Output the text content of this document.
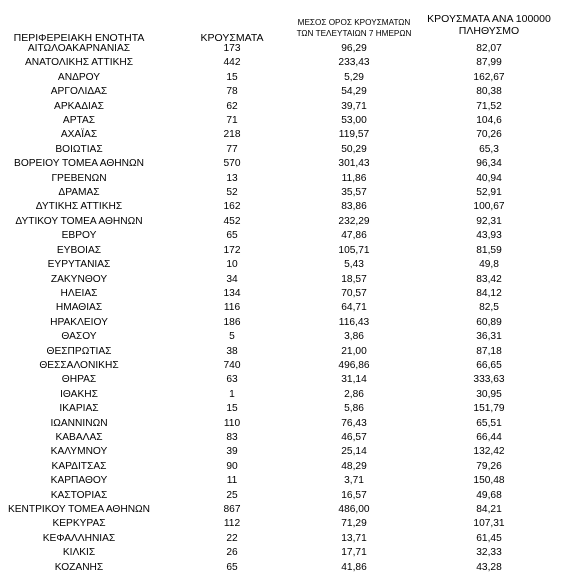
ΠΕΡΙΦΕΡΕΙΑΚΗ ΕΝΟΤΗΤΑ	ΚΡΟΥΣΜΑΤΑ
ΜΕΣΟΣ ΟΡΟΣ ΚΡΟΥΣΜΑΤΩΝ
ΤΩΝ ΤΕΛΕΥΤΑΙΩΝ 7 ΗΜΕΡΩΝ
ΚΡΟΥΣΜΑΤΑ ΑΝΑ 100000
ΠΛΗΘΥΣΜΟ
ΑΙΤΩΛΟΑΚΑΡΝΑΝΙΑΣ	173	96,29	82,07
ΑΝΑΤΟΛΙΚΗΣ ΑΤΤΙΚΗΣ	442	233,43	87,99
ΑΝΔΡΟΥ	15	5,29	162,67
ΑΡΓΟΛΙΔΑΣ	78	54,29	80,38
ΑΡΚΑΔΙΑΣ	62	39,71	71,52
ΑΡΤΑΣ	71	53,00	104,6
ΑΧΑΪΑΣ	218	119,57	70,26
ΒΟΙΩΤΙΑΣ	77	50,29	65,3
ΒΟΡΕΙΟΥ ΤΟΜΕΑ ΑΘΗΝΩΝ	570	301,43	96,34
ΓΡΕΒΕΝΩΝ	13	11,86	40,94
ΔΡΑΜΑΣ	52	35,57	52,91
ΔΥΤΙΚΗΣ ΑΤΤΙΚΗΣ	162	83,86	100,67
ΔΥΤΙΚΟΥ ΤΟΜΕΑ ΑΘΗΝΩΝ	452	232,29	92,31
ΕΒΡΟΥ	65	47,86	43,93
ΕΥΒΟΙΑΣ	172	105,71	81,59
ΕΥΡΥΤΑΝΙΑΣ	10	5,43	49,8
ΖΑΚΥΝΘΟΥ	34	18,57	83,42
ΗΛΕΙΑΣ	134	70,57	84,12
ΗΜΑΘΙΑΣ	116	64,71	82,5
ΗΡΑΚΛΕΙΟΥ	186	116,43	60,89
ΘΑΣΟΥ	5	3,86	36,31
ΘΕΣΠΡΩΤΙΑΣ	38	21,00	87,18
ΘΕΣΣΑΛΟΝΙΚΗΣ	740	496,86	66,65
ΘΗΡΑΣ	63	31,14	333,63
ΙΘΑΚΗΣ	1	2,86	30,95
ΙΚΑΡΙΑΣ	15	5,86	151,79
ΙΩΑΝΝΙΝΩΝ	110	76,43	65,51
ΚΑΒΑΛΑΣ	83	46,57	66,44
ΚΑΛΥΜΝΟΥ	39	25,14	132,42
ΚΑΡΔΙΤΣΑΣ	90	48,29	79,26
ΚΑΡΠΑΘΟΥ	11	3,71	150,48
ΚΑΣΤΟΡΙΑΣ	25	16,57	49,68
ΚΕΝΤΡΙΚΟΥ ΤΟΜΕΑ ΑΘΗΝΩΝ	867	486,00	84,21
ΚΕΡΚΥΡΑΣ	112	71,29	107,31
ΚΕΦΑΛΛΗΝΙΑΣ	22	13,71	61,45
ΚΙΛΚΙΣ	26	17,71	32,33
ΚΟΖΑΝΗΣ	65	41,86	43,28
